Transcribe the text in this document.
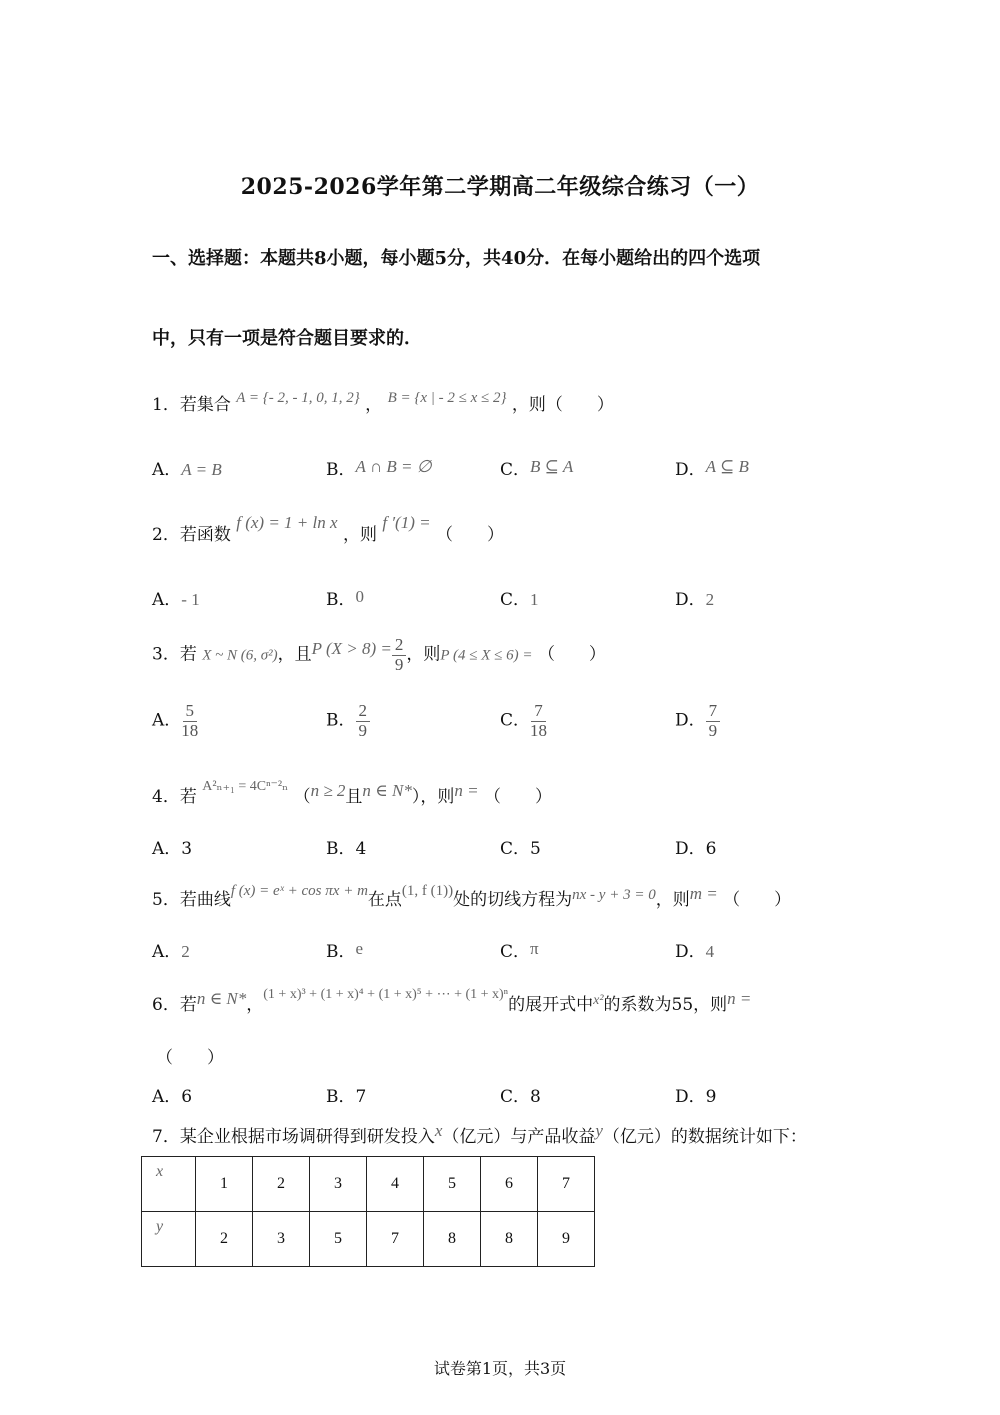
2025-2026学年第二学期高二年级综合练习（一）
一、选择题：本题共8小题，每小题5分，共40分．在每小题给出的四个选项
中，只有一项是符合题目要求的．
1．若集合 A = {- 2, - 1, 0, 1, 2} ， B = {x | - 2 ≤ x ≤ 2} ，则（　　）
A．A = B	B．A ∩ B = ∅	C．B ⊆ A	D．A ⊆ B
2．若函数 f (x) = 1 + ln x ，则 f ′(1) = （　　）
A．- 1	B．0	C．1	D．2
3．若 X ~ N (6, σ²)，且P $(X > 8) = \frac{2}{9}$ ，则P (4 ≤ X ≤ 6) = （　　）
A． $\frac{5}{18}$	B． $\frac{2}{9}$	C． $\frac{7}{18}$	D． $\frac{7}{9}$
4．若 $^{A^2_{n+1} = 4C^{n-2}_n}$ （n ≥ 2且n ∈ N*），则n = （　　）
A．3	B．4	C．5	D．6
5．若曲线f (x) = eˣ + cos πx + m在点(1, f (1))处的切线方程为nx - y + 3 = 0，则m = （　　）
A．2	B．e	C．π	D．4
6．若n ∈ N*，$^{(1 + x)^3 + (1 + x)^4 + (1 + x)^5 + \cdots + (1 + x)^n}$的展开式中$^{x^2}$的系数为55，则n =
（　　）
A．6	B．7	C．8	D．9
7．某企业根据市场调研得到研发投入x（亿元）与产品收益y（亿元）的数据统计如下：
x	1	2	3	4	5	6	7
y	2	3	5	7	8	8	9
试卷第1页，共3页
